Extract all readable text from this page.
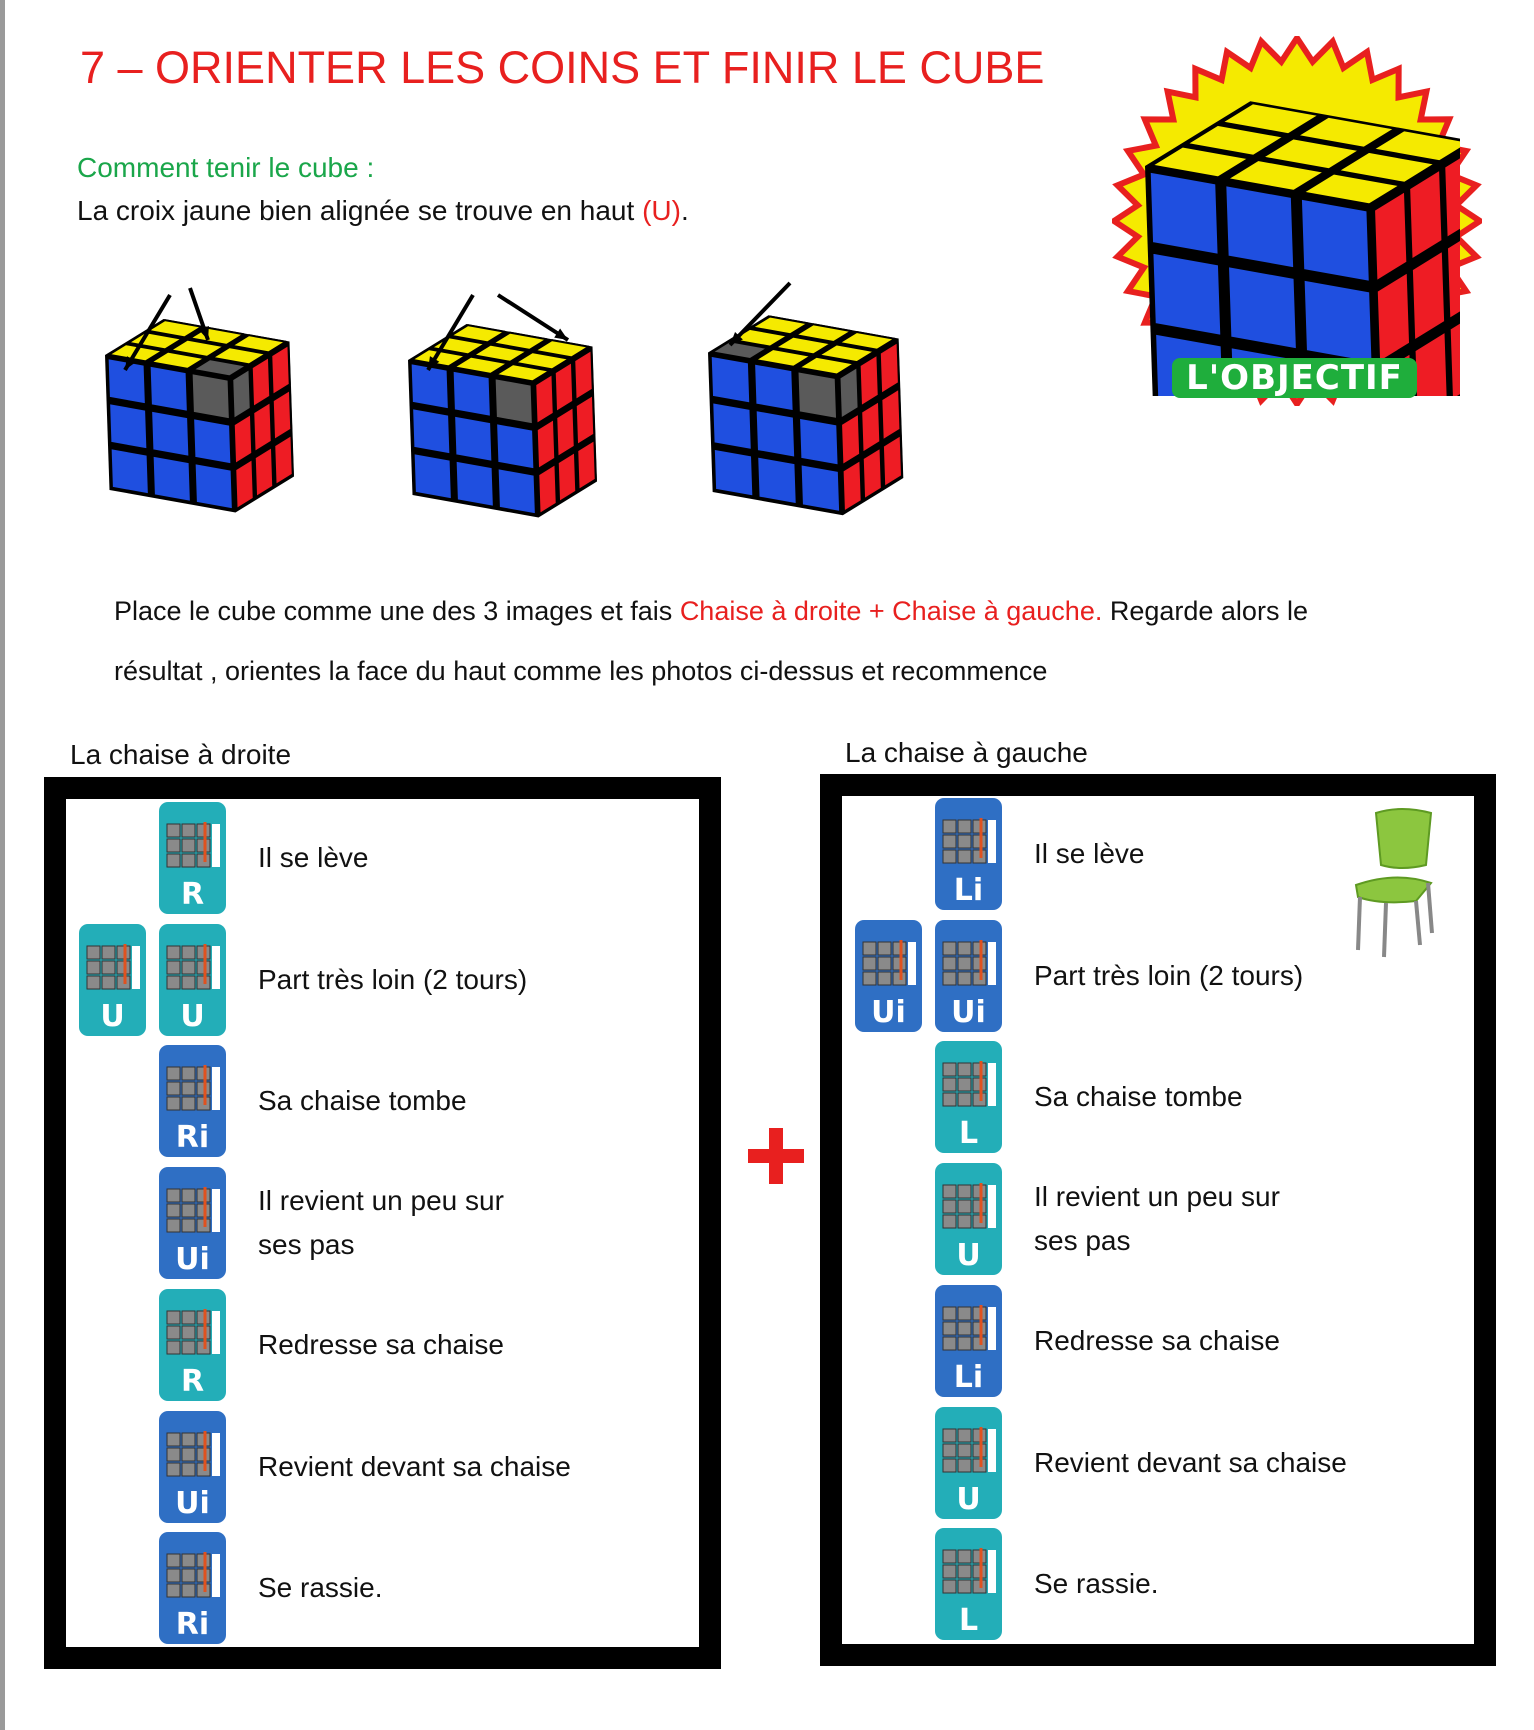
7 – ORIENTER LES COINS ET FINIR LE CUBE
Comment tenir le cube :
La croix jaune bien alignée se trouve en haut (U).
L'OBJECTIF
Place le cube comme une des 3 images et fais Chaise à droite + Chaise à gauche. Regarde alors le
résultat , orientes la face du haut comme les photos ci-dessus et recommence
La chaise à droite	La chaise à gauche
R
Il se lève
U	U
Part très loin (2 tours)
Ri
Sa chaise tombe
Ui
Il revient un peu sur
ses pas
R
Redresse sa chaise
Ui
Revient devant sa chaise
Ri
Se rassie.
Li
Il se lève
Ui	Ui
Part très loin (2 tours)
L
Sa chaise tombe
U
Il revient un peu sur
ses pas
Li
Redresse sa chaise
U
Revient devant sa chaise
L
Se rassie.
